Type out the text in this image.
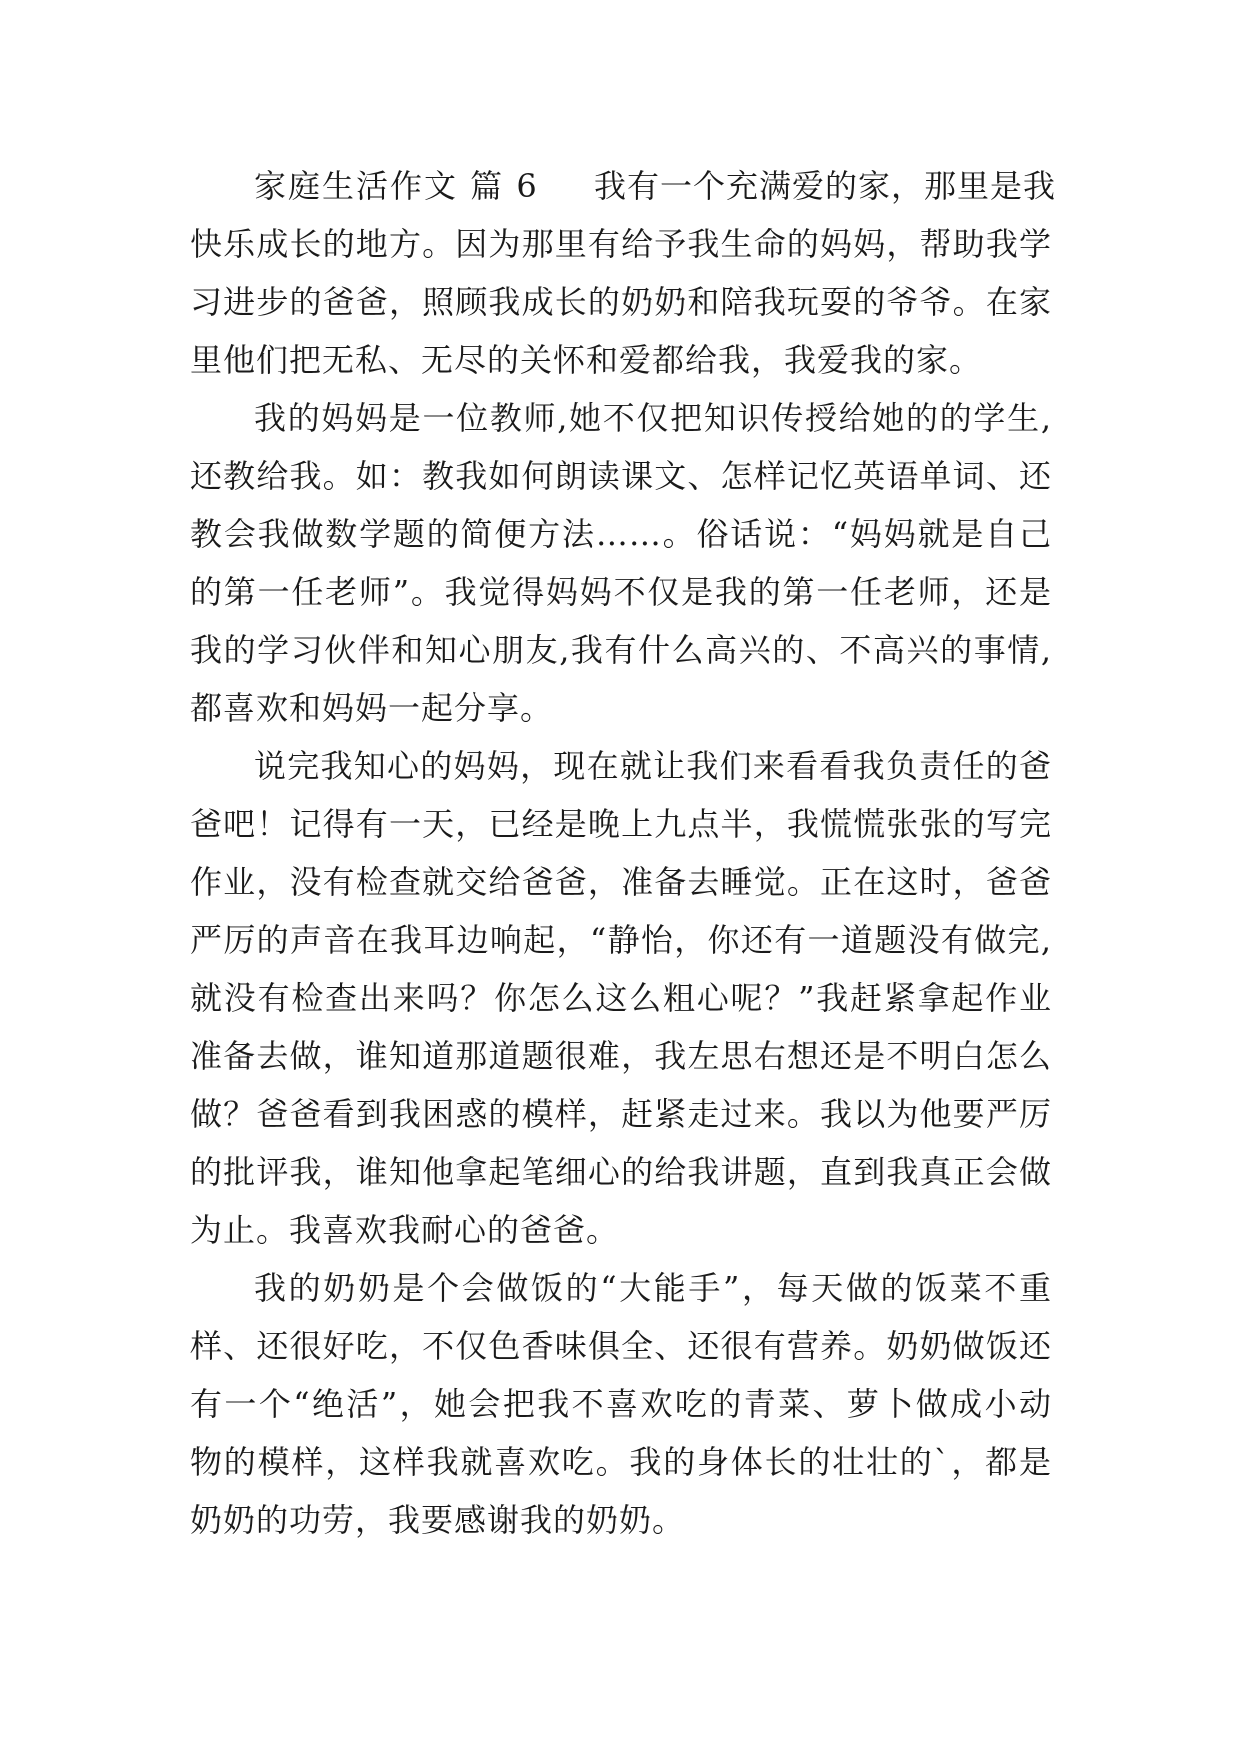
家庭生活作文 篇 6 我有一个充满爱的家，那里是我
快乐成长的地方。因为那里有给予我生命的妈妈，帮助我学
习进步的爸爸，照顾我成长的奶奶和陪我玩耍的爷爷。在家
里他们把无私、无尽的关怀和爱都给我，我爱我的家。
我的妈妈是一位教师,她不仅把知识传授给她的的学生,
还教给我。如：教我如何朗读课文、怎样记忆英语单词、还
教会我做数学题的简便方法……。俗话说：“妈妈就是自己
的第一任老师”。我觉得妈妈不仅是我的第一任老师，还是
我的学习伙伴和知心朋友,我有什么高兴的、不高兴的事情,
都喜欢和妈妈一起分享。
说完我知心的妈妈，现在就让我们来看看我负责任的爸
爸吧！记得有一天，已经是晚上九点半，我慌慌张张的写完
作业，没有检查就交给爸爸，准备去睡觉。正在这时，爸爸
严厉的声音在我耳边响起，“静怡，你还有一道题没有做完,
就没有检查出来吗？你怎么这么粗心呢？”我赶紧拿起作业
准备去做，谁知道那道题很难，我左思右想还是不明白怎么
做？爸爸看到我困惑的模样，赶紧走过来。我以为他要严厉
的批评我，谁知他拿起笔细心的给我讲题，直到我真正会做
为止。我喜欢我耐心的爸爸。
我的奶奶是个会做饭的“大能手”，每天做的饭菜不重
样、还很好吃，不仅色香味俱全、还很有营养。奶奶做饭还
有一个“绝活”，她会把我不喜欢吃的青菜、萝卜做成小动
物的模样，这样我就喜欢吃。我的身体长的壮壮的`，都是
奶奶的功劳，我要感谢我的奶奶。
